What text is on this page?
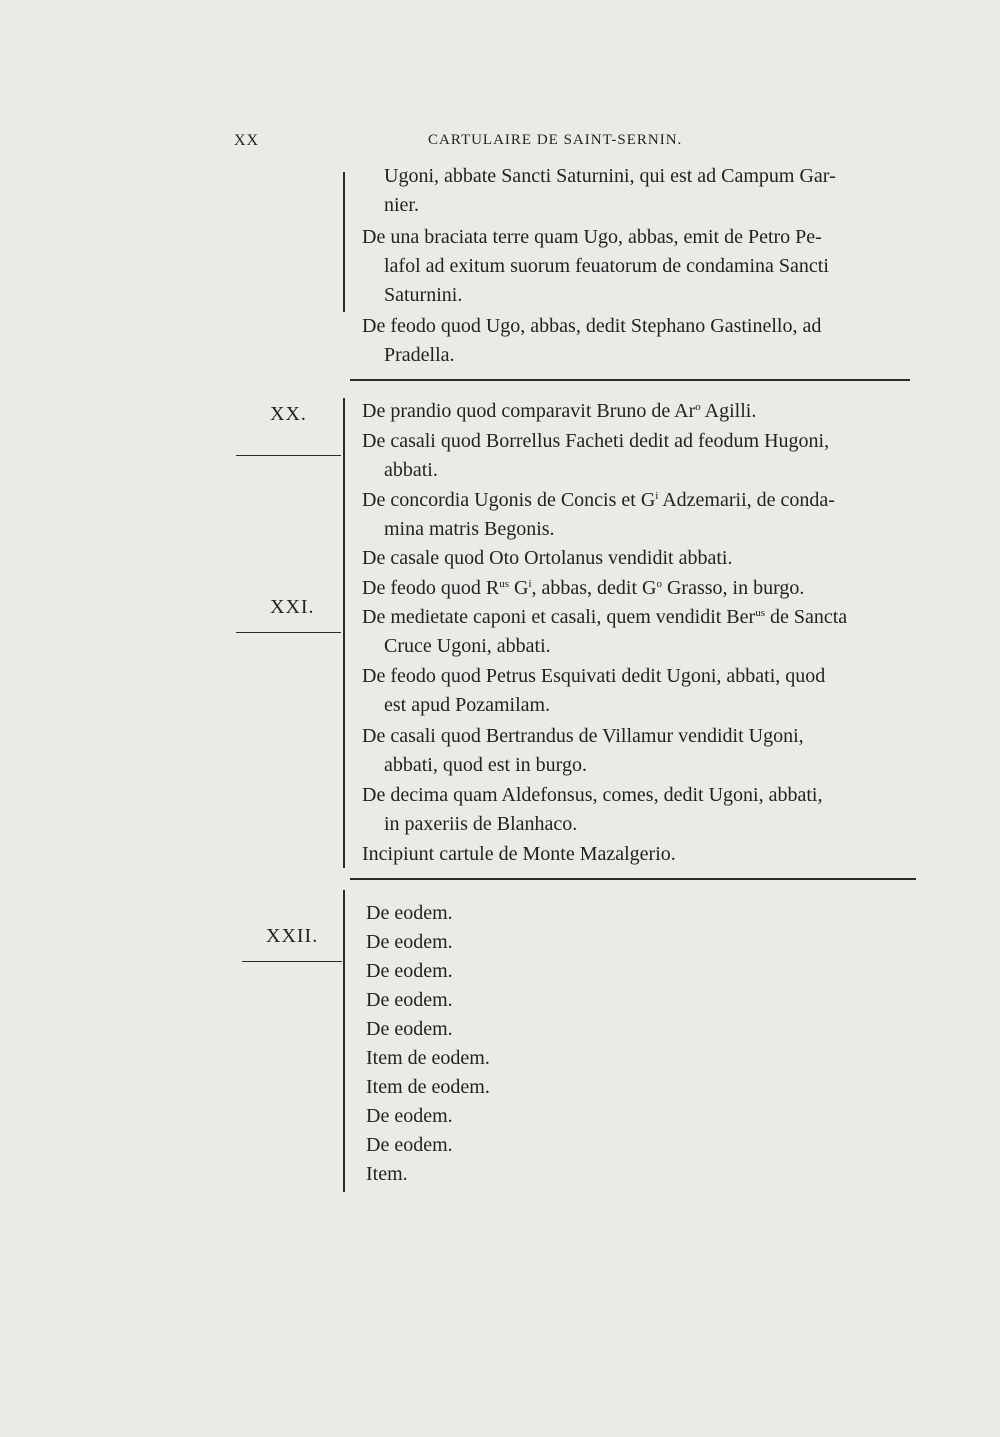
XX	CARTULAIRE DE SAINT-SERNIN.
XX.
XXI.
XXII.
Ugoni, abbate Sancti Saturnini, qui est ad Campum Gar-
nier.
De una braciata terre quam Ugo, abbas, emit de Petro Pe-
lafol ad exitum suorum feuatorum de condamina Sancti
Saturnini.
De feodo quod Ugo, abbas, dedit Stephano Gastinello, ad
Pradella.
De prandio quod comparavit Bruno de Ar$^o$ Agilli.
De casali quod Borrellus Facheti dedit ad feodum Hugoni,
abbati.
De concordia Ugonis de Concis et $G^i$ Adzemarii, de conda-
mina matris Begonis.
De casale quod Oto Ortolanus vendidit abbati.
De feodo quod $R^{us}$ $G^i$, abbas, dedit $G^o$ Grasso, in burgo.
De medietate caponi et casali, quem vendidit Ber$^{us}$ de Sancta
Cruce Ugoni, abbati.
De feodo quod Petrus Esquivati dedit Ugoni, abbati, quod
est apud Pozamilam.
De casali quod Bertrandus de Villamur vendidit Ugoni,
abbati, quod est in burgo.
De decima quam Aldefonsus, comes, dedit Ugoni, abbati,
in paxeriis de Blanhaco.
Incipiunt cartule de Monte Mazalgerio.
De eodem.
De eodem.
De eodem.
De eodem.
De eodem.
Item de eodem.
Item de eodem.
De eodem.
De eodem.
Item.
